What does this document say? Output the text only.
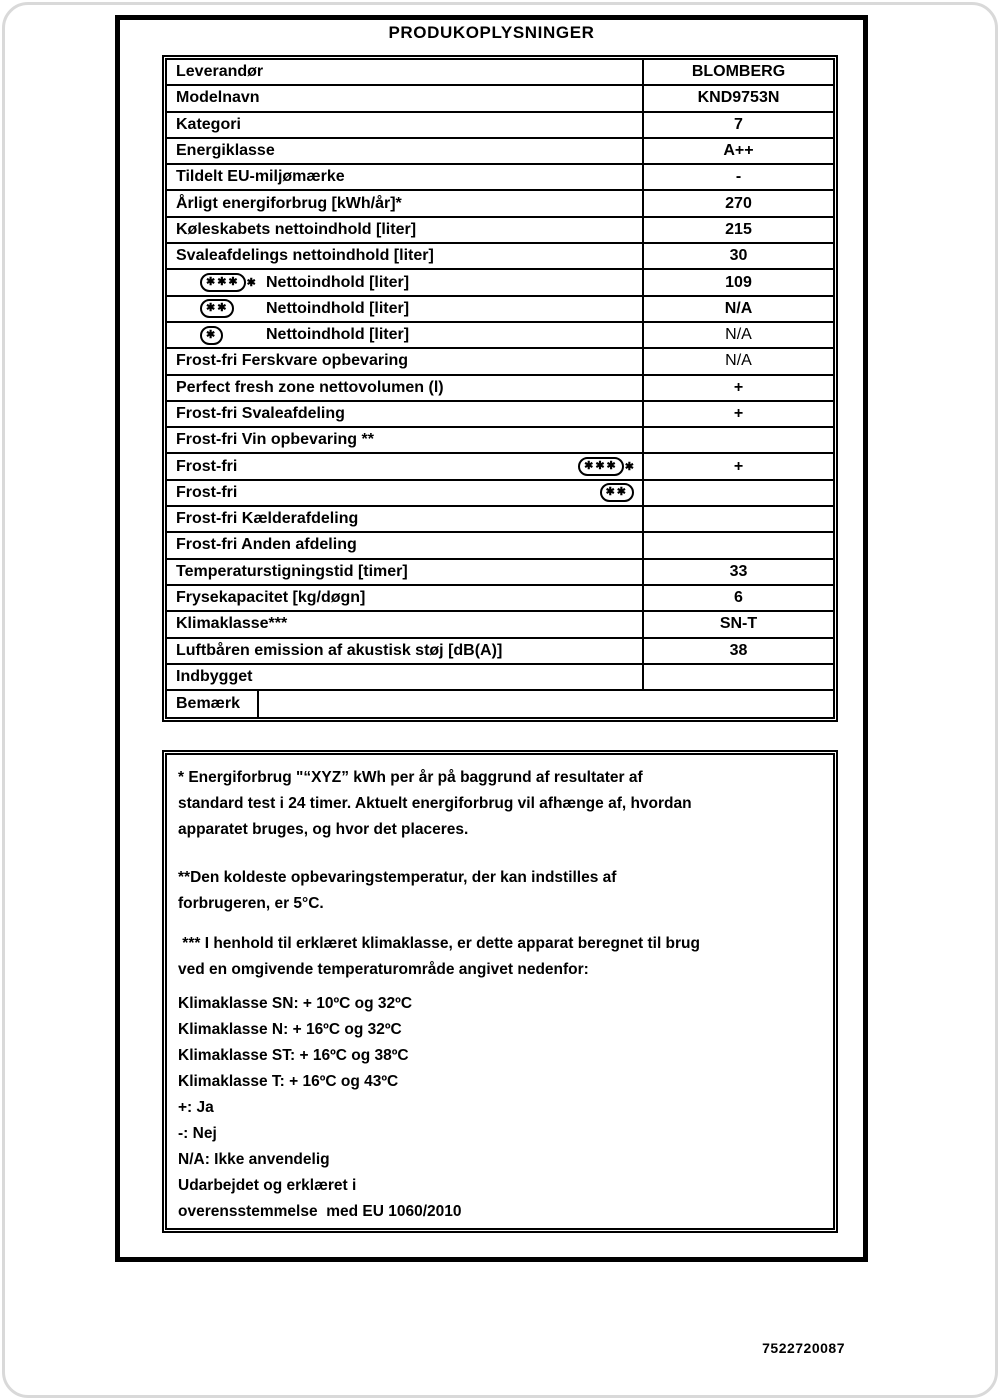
PRODUKOPLYSNINGER
Leverandør	BLOMBERG
Modelnavn	KND9753N
Kategori	7
Energiklasse	A++
Tildelt EU-miljømærke	-
Årligt energiforbrug [kWh/år]*	270
Køleskabets nettoindhold [liter]	215
Svaleafdelings nettoindhold [liter]	30
✱✱✱ ✱ Nettoindhold [liter]	109
✱✱	Nettoindhold [liter]	N/A
✱	Nettoindhold [liter]	N/A
Frost-fri Ferskvare opbevaring	N/A
Perfect fresh zone nettovolumen (l)	+
Frost-fri Svaleafdeling	+
Frost-fri Vin opbevaring **
Frost-fri	✱✱✱ ✱	+
Frost-fri	✱✱
Frost-fri Kælderafdeling
Frost-fri Anden afdeling
Temperaturstigningstid [timer]	33
Frysekapacitet [kg/døgn]	6
Klimaklasse***	SN-T
Luftbåren emission af akustisk støj [dB(A)]	38
Indbygget
Bemærk
* Energiforbrug "“XYZ” kWh per år på baggrund af resultater af
standard test i 24 timer. Aktuelt energiforbrug vil afhænge af, hvordan
apparatet bruges, og hvor det placeres.
**Den koldeste opbevaringstemperatur, der kan indstilles af
forbrugeren, er 5°C.
*** I henhold til erklæret klimaklasse, er dette apparat beregnet til brug
ved en omgivende temperaturområde angivet nedenfor:
Klimaklasse SN: + 10ºC og 32ºC
Klimaklasse N: + 16ºC og 32ºC
Klimaklasse ST: + 16ºC og 38ºC
Klimaklasse T: + 16ºC og 43ºC
+: Ja
-: Nej
N/A: Ikke anvendelig
Udarbejdet og erklæret i
overensstemmelse  med EU 1060/2010
7522720087
